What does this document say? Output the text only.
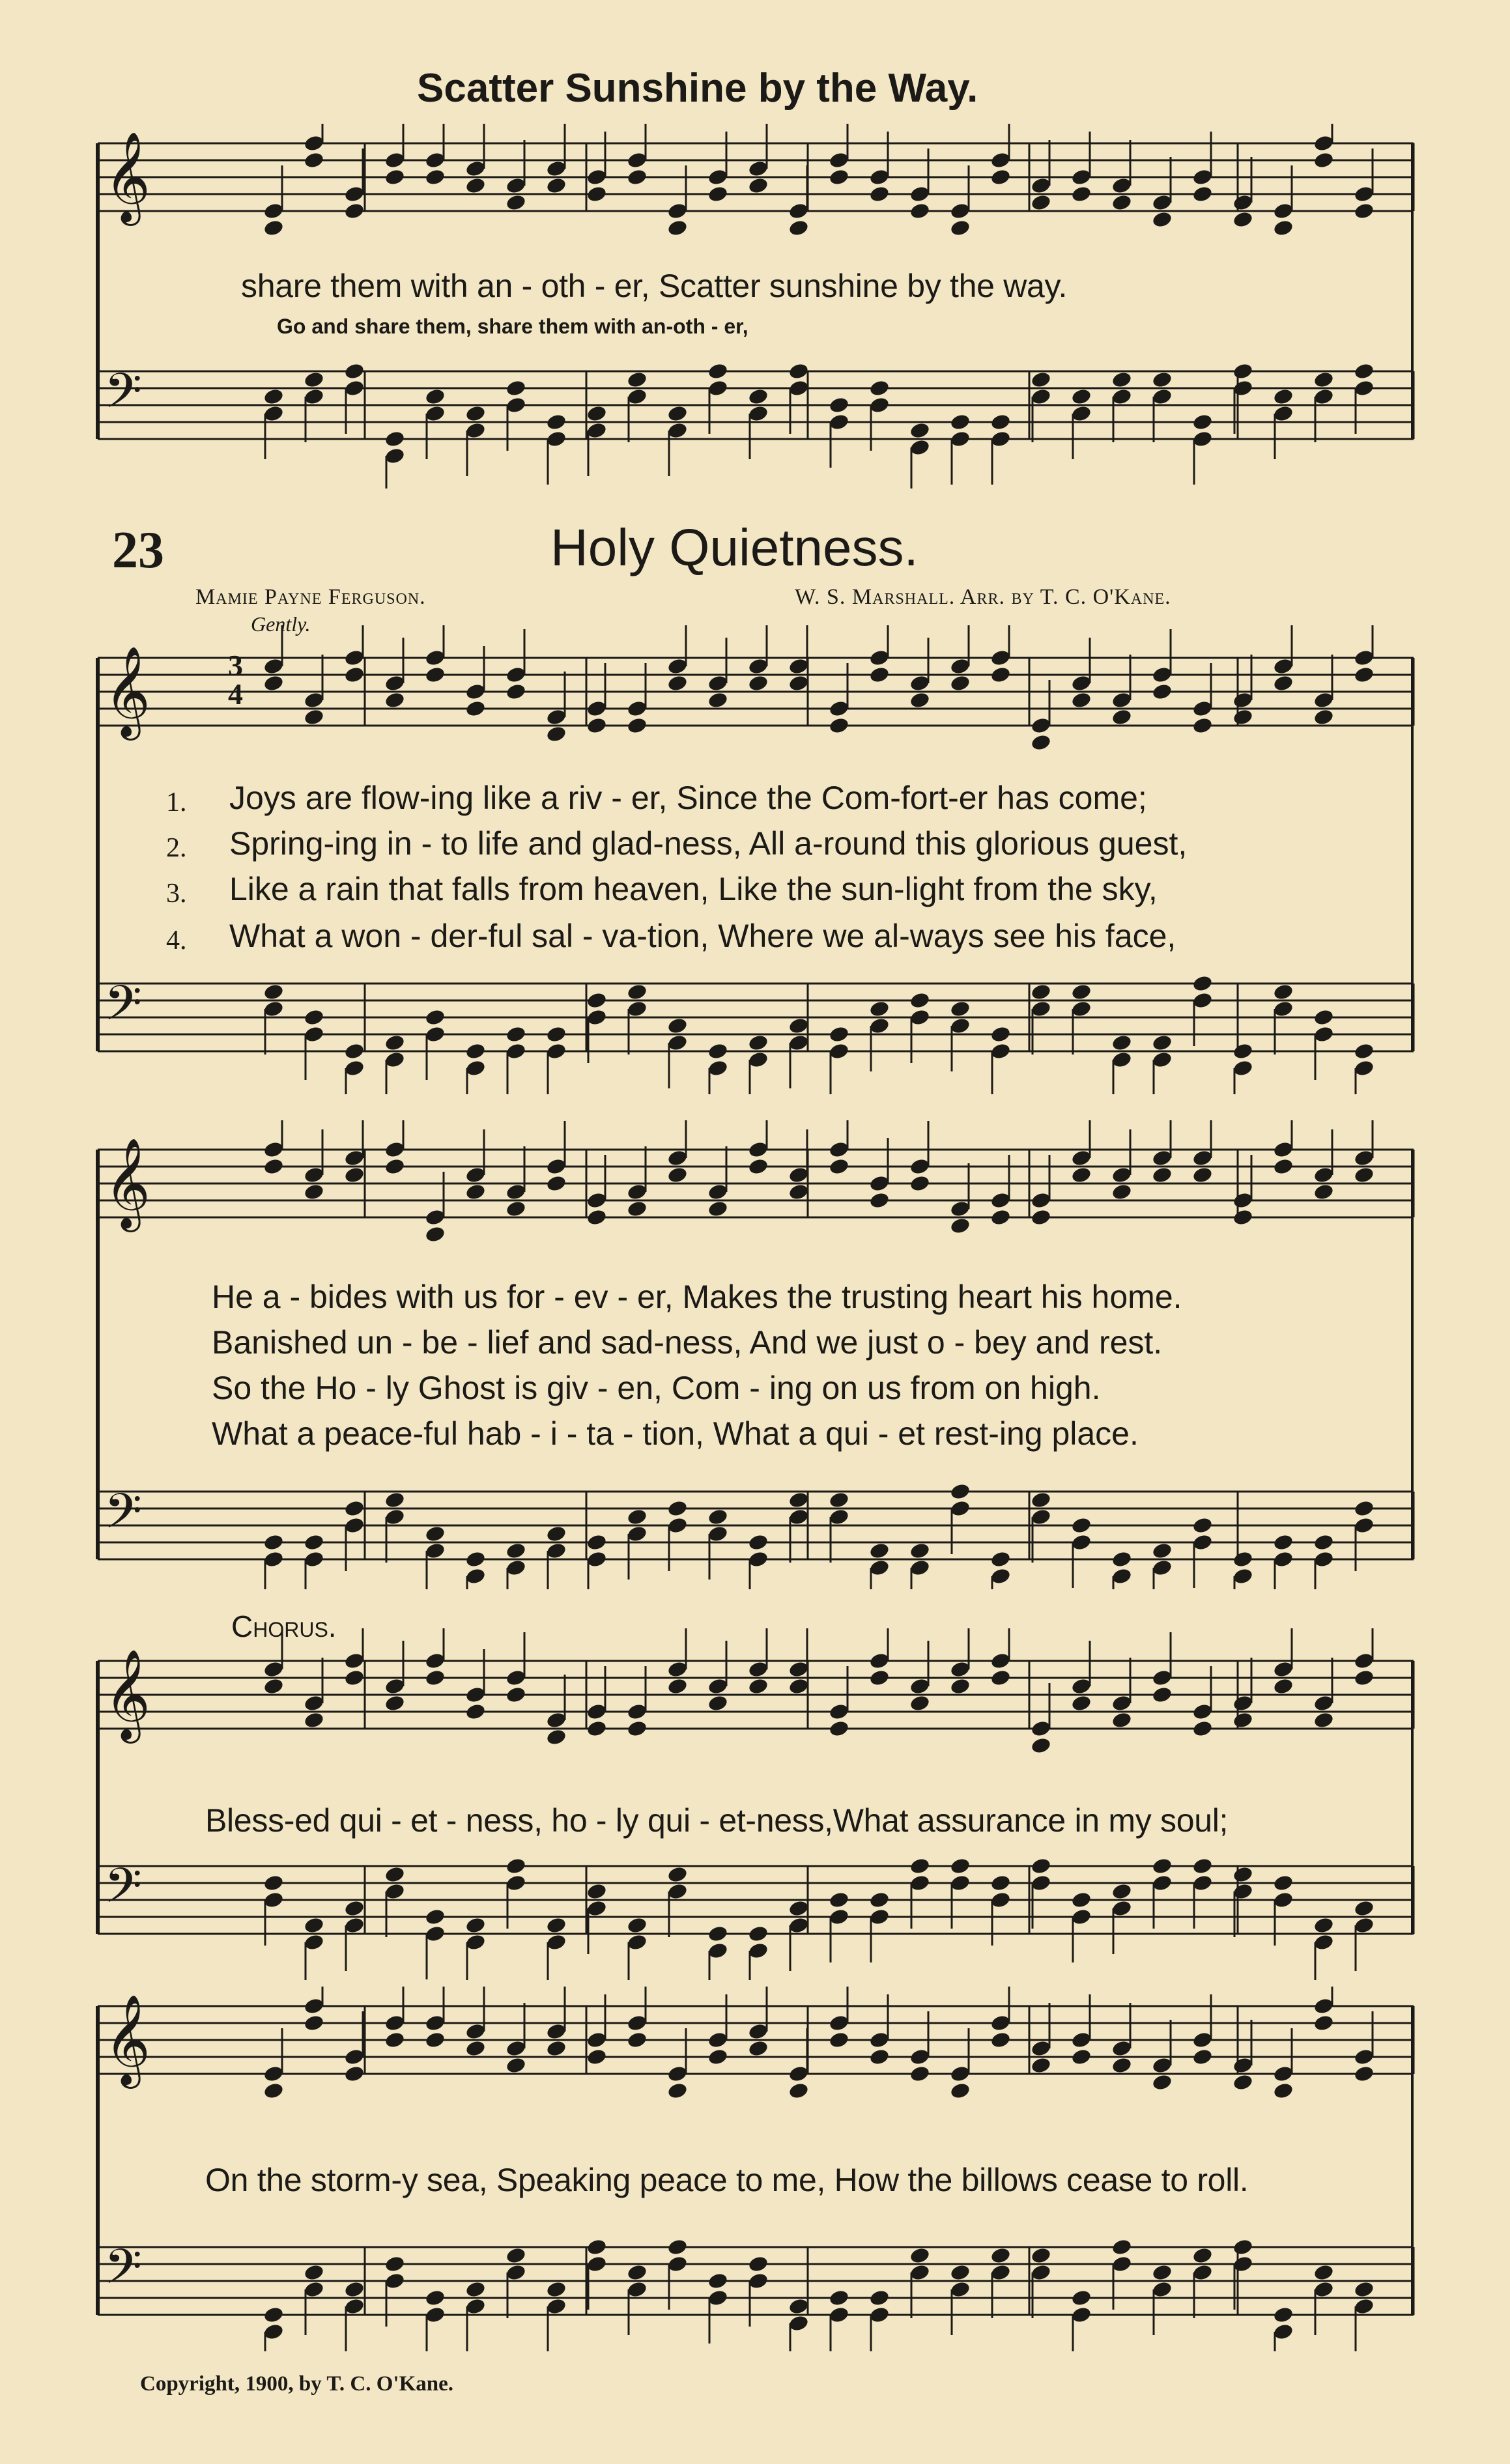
Scatter Sunshine by the Way.
𝄞
𝄢
share them with an - oth - er, Scatter sunshine by the way.
Go and share them, share them with an-oth - er,
23	Holy Quietness.
Mamie Payne Ferguson.	W. S. Marshall. Arr. by T. C. O'Kane.
Gently.
𝄞
𝄢
3
4
1.
2.
3.
4.
Joys are flow-ing like a riv - er, Since the Com-fort-er has come;
Spring-ing in - to life and glad-ness, All a-round this glorious guest,
Like a rain that falls from heaven, Like the sun-light from the sky,
What a won - der-ful sal - va-tion, Where we al-ways see his face,
𝄞
𝄢
He a - bides with us for - ev - er, Makes the trusting heart his home.
Banished un - be - lief and sad-ness, And we just o - bey and rest.
So the Ho - ly Ghost is giv - en, Com - ing on us from on high.
What a peace-ful hab - i - ta - tion, What a qui - et rest-ing place.
Chorus.
𝄞
𝄢
Bless-ed qui - et - ness, ho - ly qui - et-ness,What assurance in my soul;
𝄞
𝄢
On the storm-y sea, Speaking peace to me, How the billows cease to roll.
Copyright, 1900, by T. C. O'Kane.
